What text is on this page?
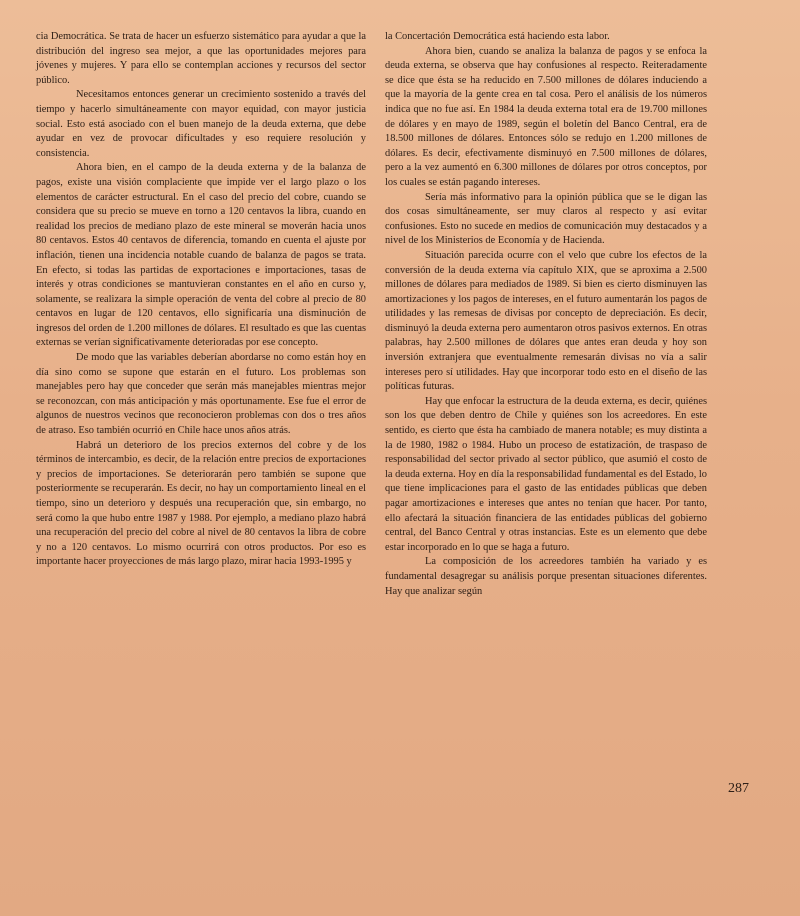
cia Democrática. Se trata de hacer un esfuerzo sistemático para ayudar a que la distribución del ingreso sea mejor, a que las oportunidades mejores para jóvenes y mujeres. Y para ello se contemplan acciones y recursos del sector público.

Necesitamos entonces generar un crecimiento sostenido a través del tiempo y hacerlo simultáneamente con mayor equidad, con mayor justicia social. Esto está asociado con el buen manejo de la deuda externa, que debe ayudar en vez de provocar dificultades y eso requiere resolución y consistencia.

Ahora bien, en el campo de la deuda externa y de la balanza de pagos, existe una visión complaciente que impide ver el largo plazo o los elementos de carácter estructural. En el caso del precio del cobre, cuando se considera que su precio se mueve en torno a 120 centavos la libra, cuando en realidad los precios de mediano plazo de este mineral se moverán hacia unos 80 centavos. Estos 40 centavos de diferencia, tomando en cuenta el ajuste por inflación, tienen una incidencia notable cuando de balanza de pagos se trata. En efecto, si todas las partidas de exportaciones e importaciones, tasas de interés y otras condiciones se mantuvieran constantes en el año en curso y, solamente, se realizara la simple operación de venta del cobre al precio de 80 centavos en lugar de 120 centavos, ello significaría una disminución de ingresos del orden de 1.200 millones de dólares. El resultado es que las cuentas externas se verían significativamente deterioradas por ese concepto.

De modo que las variables deberían abordarse no como están hoy en día sino como se supone que estarán en el futuro. Los problemas son manejables pero hay que conceder que serán más manejables mientras mejor se reconozcan, con más anticipación y más oportunamente. Ese fue el error de algunos de nuestros vecinos que reconocieron problemas con dos o tres años de atraso. Eso también ocurrió en Chile hace unos años atrás.

Habrá un deterioro de los precios externos del cobre y de los términos de intercambio, es decir, de la relación entre precios de exportaciones y precios de importaciones. Se deteriorarán pero también se supone que posteriormente se recuperarán. Es decir, no hay un comportamiento lineal en el tiempo, sino un deterioro y después una recuperación que, sin embargo, no será como la que hubo entre 1987 y 1988. Por ejemplo, a mediano plazo habrá una recuperación del precio del cobre al nivel de 80 centavos la libra de cobre y no a 120 centavos. Lo mismo ocurrirá con otros productos. Por eso es importante hacer proyecciones de más largo plazo, mirar hacia 1993-1995 y

la Concertación Democrática está haciendo esta labor.

Ahora bien, cuando se analiza la balanza de pagos y se enfoca la deuda externa, se observa que hay confusiones al respecto. Reiteradamente se dice que ésta se ha reducido en 7.500 millones de dólares induciendo a que la mayoría de la gente crea en tal cosa. Pero el análisis de los números indica que no fue así. En 1984 la deuda externa total era de 19.700 millones de dólares y en mayo de 1989, según el boletín del Banco Central, era de 18.500 millones de dólares. Entonces sólo se redujo en 1.200 millones de dólares. Es decir, efectivamente disminuyó en 7.500 millones de dólares, pero a la vez aumentó en 6.300 millones de dólares por otros conceptos, por los cuales se están pagando intereses.

Sería más informativo para la opinión pública que se le digan las dos cosas simultáneamente, ser muy claros al respecto y así evitar confusiones. Esto no sucede en medios de comunicación muy destacados y a nivel de los Ministerios de Economía y de Hacienda.

Situación parecida ocurre con el velo que cubre los efectos de la conversión de la deuda externa vía capítulo XIX, que se aproxima a 2.500 millones de dólares para mediados de 1989. Si bien es cierto disminuyen las amortizaciones y los pagos de intereses, en el futuro aumentarán los pagos de utilidades y las remesas de divisas por concepto de depreciación. Es decir, disminuyó la deuda externa pero aumentaron otros pasivos externos. En otras palabras, hay 2.500 millones de dólares que antes eran deuda y hoy son inversión extranjera que eventualmente remesarán divisas no vía a salir intereses pero sí utilidades. Hay que incorporar todo esto en el diseño de las políticas futuras.

Hay que enfocar la estructura de la deuda externa, es decir, quiénes son los que deben dentro de Chile y quiénes son los acreedores. En este sentido, es cierto que ésta ha cambiado de manera notable; es muy distinta a la de 1980, 1982 o 1984. Hubo un proceso de estatización, de traspaso de responsabilidad del sector privado al sector público, que asumió el costo de la deuda externa. Hoy en día la responsabilidad fundamental es del Estado, lo que tiene implicaciones para el gasto de las entidades públicas que deben pagar amortizaciones e intereses que antes no tenían que hacer. Por tanto, ello afectará la situación financiera de las entidades públicas del gobierno central, del Banco Central y otras instancias. Este es un elemento que debe estar incorporado en lo que se haga a futuro.

La composición de los acreedores también ha variado y es fundamental desagregar su análisis porque presentan situaciones diferentes. Hay que analizar según

287
